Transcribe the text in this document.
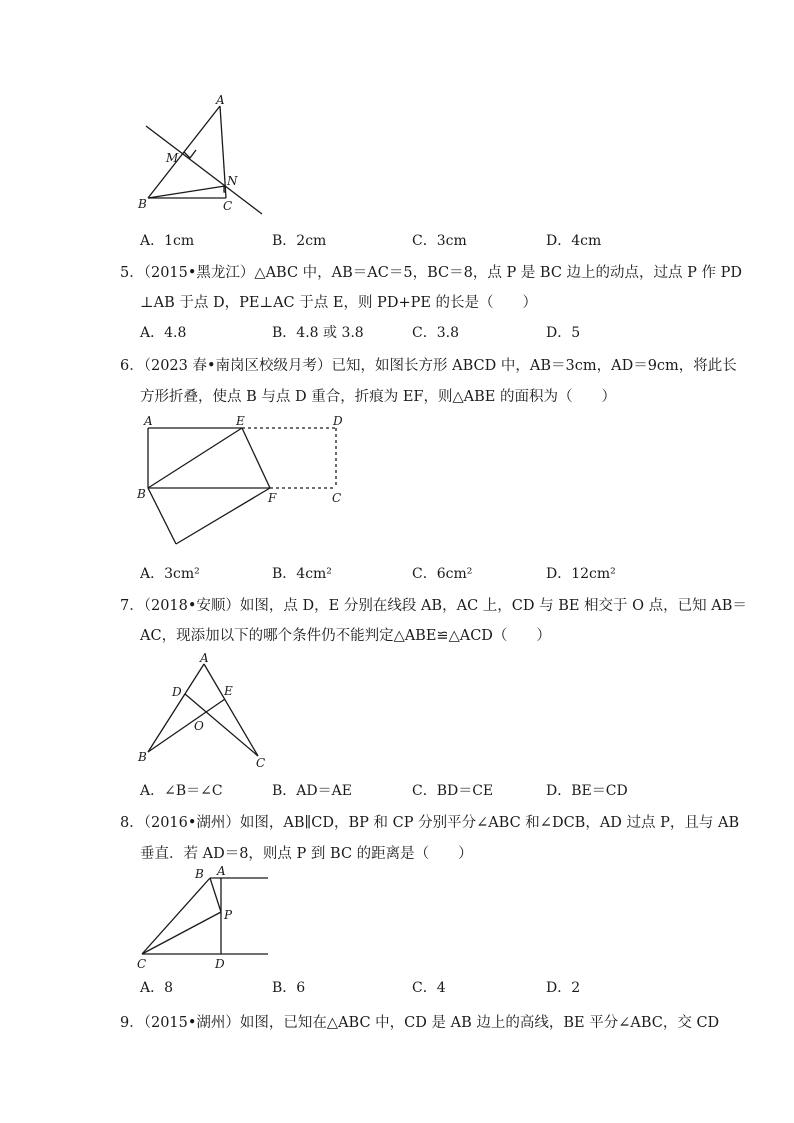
A
M
N
B	C
A．1cm	B．2cm	C．3cm	D．4cm
5．（2015•黑龙江）△ABC 中，AB＝AC＝5，BC＝8，点 P 是 BC 边上的动点，过点 P 作 PD
⊥AB 于点 D，PE⊥AC 于点 E，则 PD+PE 的长是（　　）
A．4.8	B．4.8 或 3.8	C．3.8	D．5
6．（2023 春•南岗区校级月考）已知，如图长方形 ABCD 中，AB＝3cm，AD＝9cm，将此长
方形折叠，使点 B 与点 D 重合，折痕为 EF，则△ABE 的面积为（　　）
A	E	D
B	F	C
A．3cm²	B．4cm²	C．6cm²	D．12cm²
7．（2018•安顺）如图，点 D，E 分别在线段 AB，AC 上，CD 与 BE 相交于 O 点，已知 AB＝
AC，现添加以下的哪个条件仍不能判定△ABE≌△ACD（　　）
A
D	E
O
B	C
A．∠B＝∠C	B．AD＝AE	C．BD＝CE	D．BE＝CD
8．（2016•湖州）如图，AB∥CD，BP 和 CP 分别平分∠ABC 和∠DCB，AD 过点 P，且与 AB
垂直．若 AD＝8，则点 P 到 BC 的距离是（　　）
B A
P
C	D
A．8	B．6	C．4	D．2
9．（2015•湖州）如图，已知在△ABC 中，CD 是 AB 边上的高线，BE 平分∠ABC，交 CD
